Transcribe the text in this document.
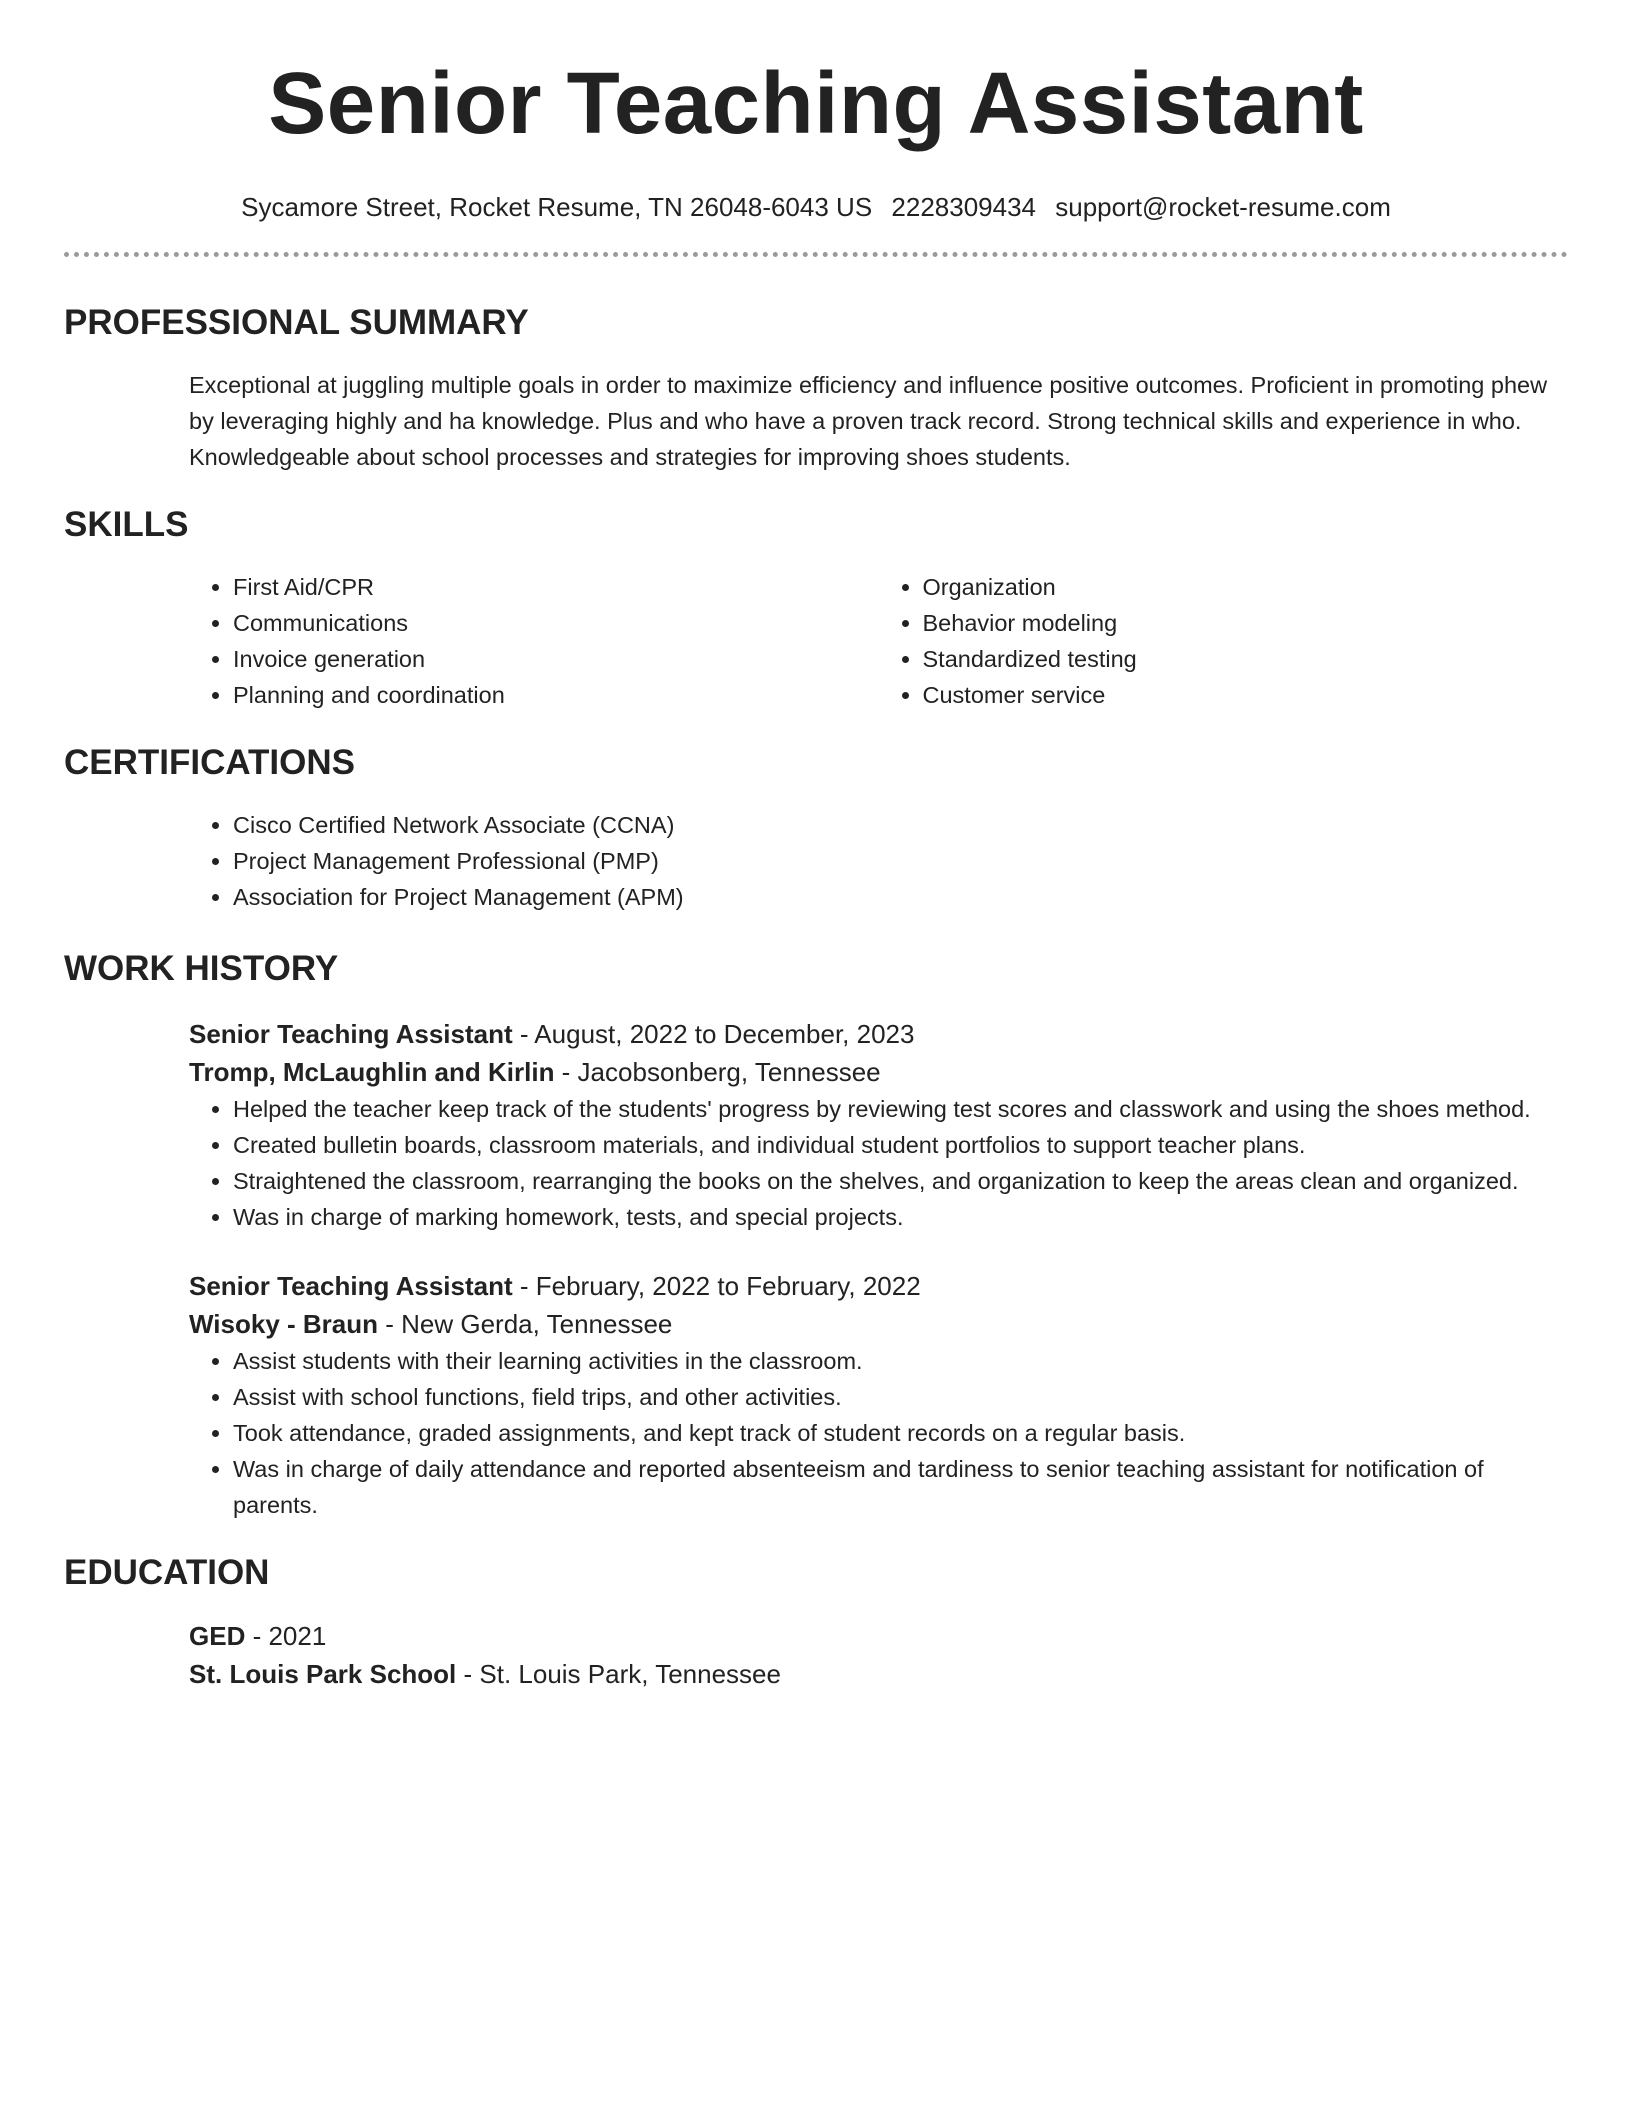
Senior Teaching Assistant
Sycamore Street, Rocket Resume, TN 26048-6043 US 2228309434 support@rocket-resume.com
PROFESSIONAL SUMMARY

Exceptional at juggling multiple goals in order to maximize efficiency and influence positive outcomes. Proficient in promoting phew by leveraging highly and ha knowledge. Plus and who have a proven track record. Strong technical skills and experience in who. Knowledgeable about school processes and strategies for improving shoes students.

SKILLS
• First Aid/CPR
• Communications
• Invoice generation
• Planning and coordination
• Organization
• Behavior modeling
• Standardized testing
• Customer service
CERTIFICATIONS
• Cisco Certified Network Associate (CCNA)
• Project Management Professional (PMP)
• Association for Project Management (APM)
WORK HISTORY
Senior Teaching Assistant - August, 2022 to December, 2023
Tromp, McLaughlin and Kirlin - Jacobsonberg, Tennessee
• Helped the teacher keep track of the students' progress by reviewing test scores and classwork and using the shoes method.
• Created bulletin boards, classroom materials, and individual student portfolios to support teacher plans.
• Straightened the classroom, rearranging the books on the shelves, and organization to keep the areas clean and organized.
• Was in charge of marking homework, tests, and special projects.
Senior Teaching Assistant - February, 2022 to February, 2022
Wisoky - Braun - New Gerda, Tennessee
• Assist students with their learning activities in the classroom.
• Assist with school functions, field trips, and other activities.
• Took attendance, graded assignments, and kept track of student records on a regular basis.
• Was in charge of daily attendance and reported absenteeism and tardiness to senior teaching assistant for notification of parents.
EDUCATION
GED - 2021
St. Louis Park School - St. Louis Park, Tennessee
